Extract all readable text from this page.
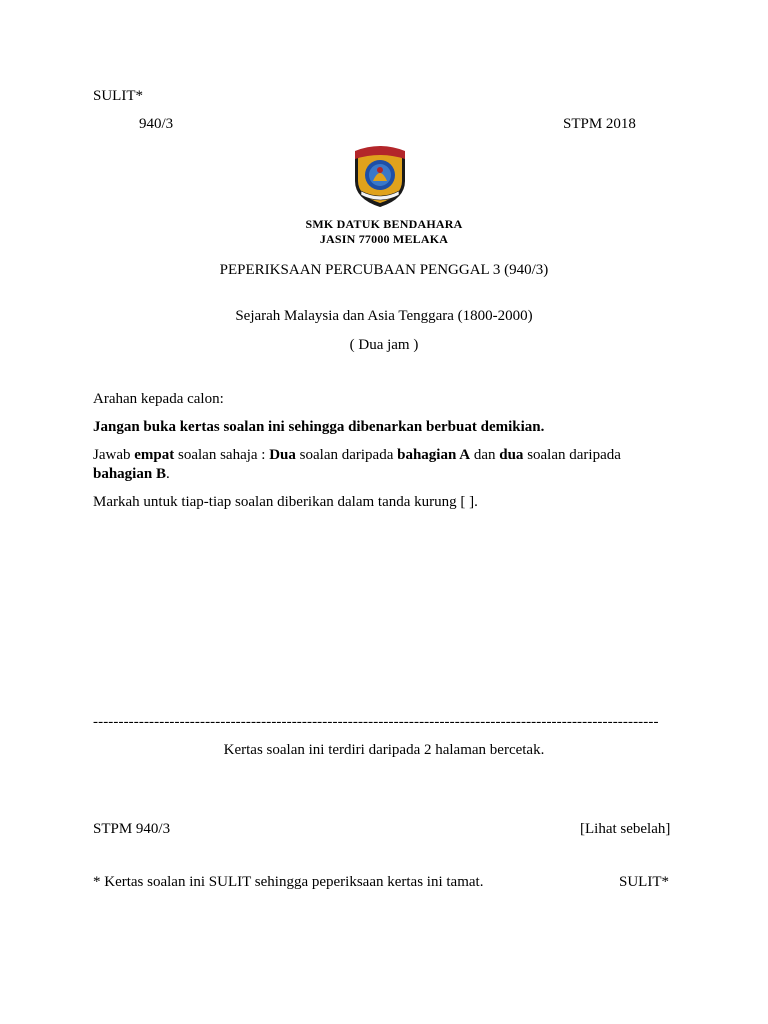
SULIT*
940/3	STPM 2018
SMK DATUK BENDAHARA
JASIN 77000 MELAKA
PEPERIKSAAN PERCUBAAN PENGGAL 3 (940/3)
Sejarah Malaysia dan Asia Tenggara (1800-2000)
( Dua jam )
Arahan kepada calon:
Jangan buka kertas soalan ini sehingga dibenarkan berbuat demikian.
Jawab empat soalan sahaja : Dua soalan daripada bahagian A dan dua soalan daripada
bahagian B.
Markah untuk tiap-tiap soalan diberikan dalam tanda kurung [ ].
---------------------------------------------------------------------------------------------------------------
Kertas soalan ini terdiri daripada 2 halaman bercetak.
STPM 940/3	[Lihat sebelah]
* Kertas soalan ini SULIT sehingga peperiksaan kertas ini tamat.	SULIT*
